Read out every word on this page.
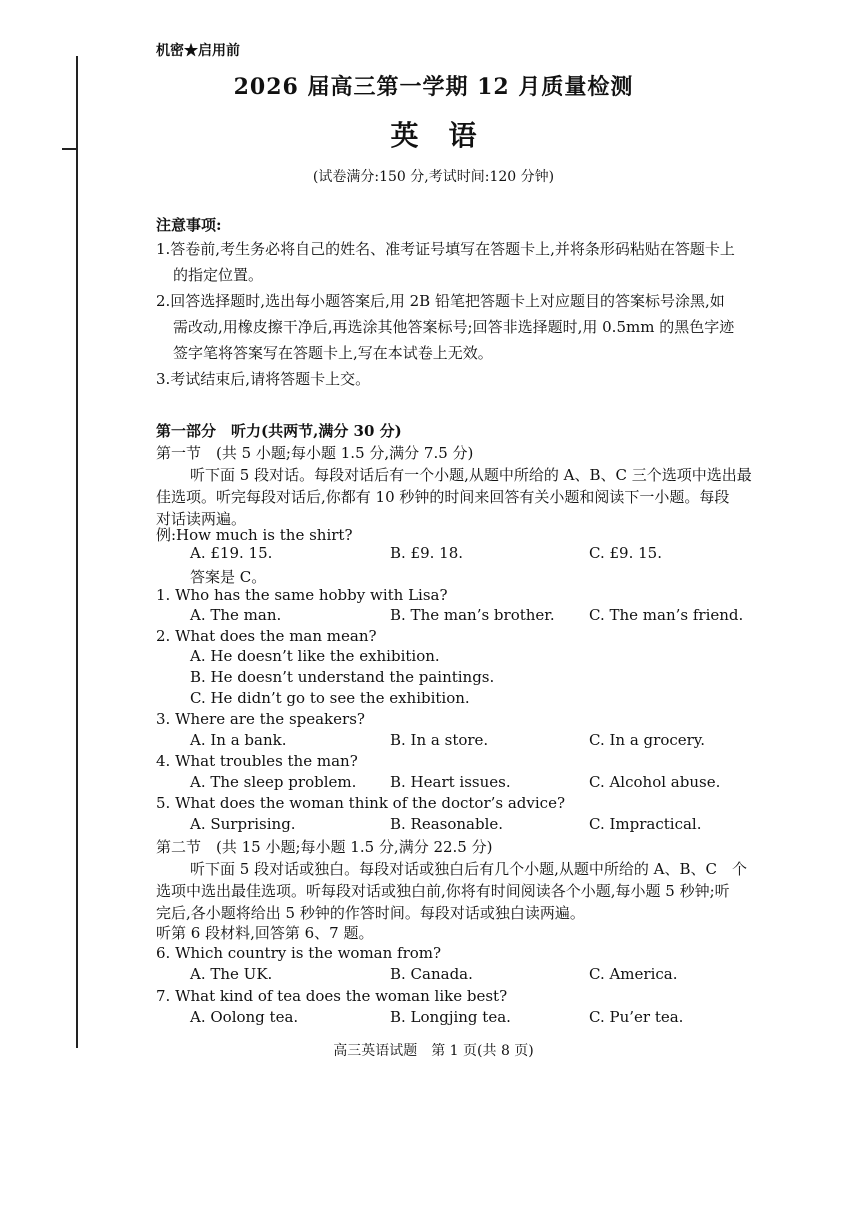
机密★启用前
2026 届高三第一学期 12 月质量检测
英语
(试卷满分:150 分,考试时间:120 分钟)
注意事项:
1.答卷前,考生务必将自己的姓名、准考证号填写在答题卡上,并将条形码粘贴在答题卡上
的指定位置。
2.回答选择题时,选出每小题答案后,用 2B 铅笔把答题卡上对应题目的答案标号涂黑,如
需改动,用橡皮擦干净后,再选涂其他答案标号;回答非选择题时,用 0.5mm 的黑色字迹
签字笔将答案写在答题卡上,写在本试卷上无效。
3.考试结束后,请将答题卡上交。
第一部分　听力(共两节,满分 30 分)
第一节　(共 5 小题;每小题 1.5 分,满分 7.5 分)
听下面 5 段对话。每段对话后有一个小题,从题中所给的 A、B、C 三个选项中选出最
佳选项。听完每段对话后,你都有 10 秒钟的时间来回答有关小题和阅读下一小题。每段
对话读两遍。
例:How much is the shirt?
A. £19. 15.	B. £9. 18.	C. £9. 15.
答案是 C。
1. Who has the same hobby with Lisa?
A. The man.	B. The man’s brother. C. The man’s friend.
2. What does the man mean?
A. He doesn’t like the exhibition.
B. He doesn’t understand the paintings.
C. He didn’t go to see the exhibition.
3. Where are the speakers?
A. In a bank.	B. In a store.	C. In a grocery.
4. What troubles the man?
A. The sleep problem. B. Heart issues.	C. Alcohol abuse.
5. What does the woman think of the doctor’s advice?
A. Surprising.	B. Reasonable.	C. Impractical.
第二节　(共 15 小题;每小题 1.5 分,满分 22.5 分)
听下面 5 段对话或独白。每段对话或独白后有几个小题,从题中所给的 A、B、C　个
选项中选出最佳选项。听每段对话或独白前,你将有时间阅读各个小题,每小题 5 秒钟;听
完后,各小题将给出 5 秒钟的作答时间。每段对话或独白读两遍。
听第 6 段材料,回答第 6、7 题。
6. Which country is the woman from?
A. The UK.	B. Canada.	C. America.
7. What kind of tea does the woman like best?
A. Oolong tea.	B. Longjing tea.	C. Pu’er tea.
高三英语试题　第 1 页(共 8 页)
